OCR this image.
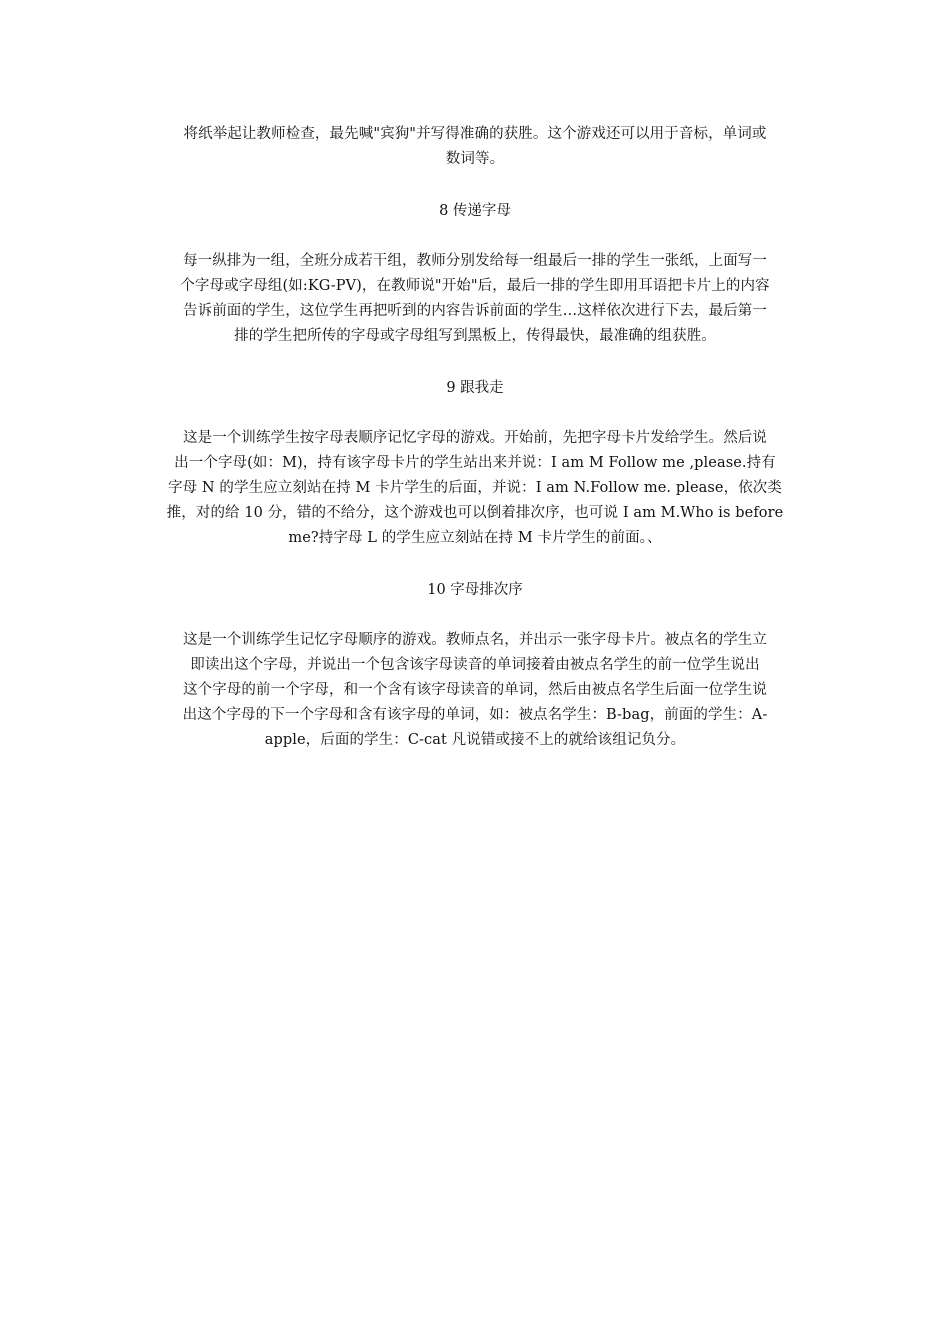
将纸举起让教师检查，最先喊"宾狗"并写得准确的获胜。这个游戏还可以用于音标，单词或
数词等。
8 传递字母
每一纵排为一组，全班分成若干组，教师分别发给每一组最后一排的学生一张纸，上面写一
个字母或字母组(如:KG-PV)，在教师说"开始"后，最后一排的学生即用耳语把卡片上的内容
告诉前面的学生，这位学生再把听到的内容告诉前面的学生…这样依次进行下去，最后第一
排的学生把所传的字母或字母组写到黑板上，传得最快，最准确的组获胜。
9 跟我走
这是一个训练学生按字母表顺序记忆字母的游戏。开始前，先把字母卡片发给学生。然后说
出一个字母(如：M)，持有该字母卡片的学生站出来并说：I am M Follow me ,please.持有
字母 N 的学生应立刻站在持 M 卡片学生的后面，并说：I am N.Follow me. please，依次类
推，对的给 10 分，错的不给分，这个游戏也可以倒着排次序，也可说 I am M.Who is before
me?持字母 L 的学生应立刻站在持 M 卡片学生的前面。、
10 字母排次序
这是一个训练学生记忆字母顺序的游戏。教师点名，并出示一张字母卡片。被点名的学生立
即读出这个字母，并说出一个包含该字母读音的单词接着由被点名学生的前一位学生说出
这个字母的前一个字母，和一个含有该字母读音的单词，然后由被点名学生后面一位学生说
出这个字母的下一个字母和含有该字母的单词，如：被点名学生：B-bag，前面的学生：A-
apple，后面的学生：C-cat 凡说错或接不上的就给该组记负分。
